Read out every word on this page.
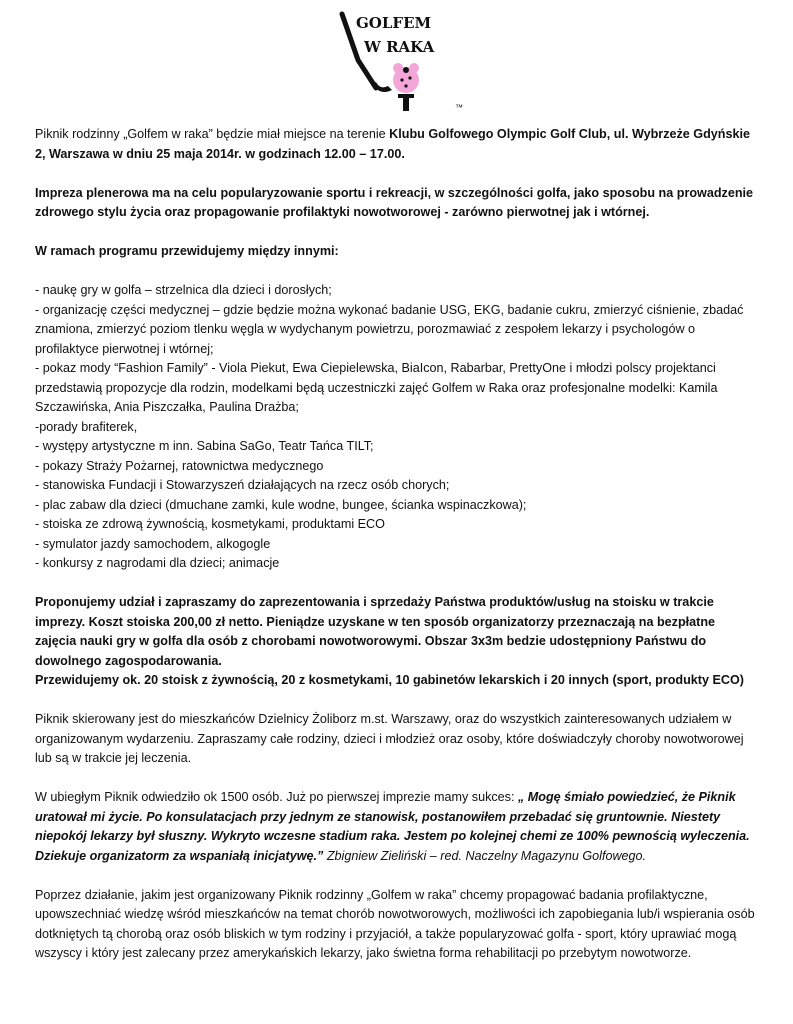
GOLFEM
W RAKA
™

Piknik rodzinny „Golfem w raka” będzie miał miejsce na terenie Klubu Golfowego Olympic Golf Club, ul. Wybrzeże Gdyńskie 2, Warszawa w dniu 25 maja 2014r. w godzinach 12.00 – 17.00.

Impreza plenerowa ma na celu popularyzowanie sportu i rekreacji, w szczególności golfa, jako sposobu na prowadzenie zdrowego stylu życia oraz propagowanie profilaktyki nowotworowej - zarówno pierwotnej jak i wtórnej.

W ramach programu przewidujemy między innymi:

- naukę gry w golfa – strzelnica dla dzieci i dorosłych;

- organizację części medycznej – gdzie będzie można wykonać badanie USG, EKG, badanie cukru, zmierzyć ciśnienie, zbadać znamiona, zmierzyć poziom tlenku węgla w wydychanym powietrzu, porozmawiać z zespołem lekarzy i psychologów o profilaktyce pierwotnej i wtórnej;

- pokaz mody “Fashion Family” - Viola Piekut, Ewa Ciepielewska, BiaIcon, Rabarbar, PrettyOne i młodzi polscy projektanci przedstawią propozycje dla rodzin, modelkami będą uczestniczki zajęć Golfem w Raka oraz profesjonalne modelki: Kamila Szczawińska, Ania Piszczałka, Paulina Drażba;

-porady brafiterek,

- występy artystyczne m inn. Sabina SaGo, Teatr Tańca TILT;

- pokazy Straży Pożarnej, ratownictwa medycznego

- stanowiska Fundacji i Stowarzyszeń działających na rzecz osób chorych;

- plac zabaw dla dzieci (dmuchane zamki, kule wodne, bungee, ścianka wspinaczkowa);

- stoiska ze zdrową żywnością, kosmetykami, produktami ECO

- symulator jazdy samochodem, alkogogle

- konkursy z nagrodami dla dzieci; animacje

Proponujemy udział i zapraszamy do zaprezentowania i sprzedaży Państwa produktów/usług na stoisku w trakcie imprezy. Koszt stoiska 200,00 zł netto. Pieniądze uzyskane w ten sposób organizatorzy przeznaczają na bezpłatne zajęcia nauki gry w golfa dla osób z chorobami nowotworowymi. Obszar 3x3m bedzie udostępniony Państwu do dowolnego zagospodarowania.

Przewidujemy ok. 20 stoisk z żywnością, 20 z kosmetykami, 10 gabinetów lekarskich i 20 innych (sport, produkty ECO)

Piknik skierowany jest do mieszkańców Dzielnicy Żoliborz m.st. Warszawy, oraz do wszystkich zainteresowanych udziałem w organizowanym wydarzeniu. Zapraszamy całe rodziny, dzieci i młodzież oraz osoby, które doświadczyły choroby nowotworowej lub są w trakcie jej leczenia.

W ubiegłym Piknik odwiedziło ok 1500 osób. Już po pierwszej imprezie mamy sukces: „ Mogę śmiało powiedzieć, że Piknik uratował mi życie. Po konsulatacjach przy jednym ze stanowisk, postanowiłem przebadać się gruntownie. Niestety niepokój lekarzy był słuszny. Wykryto wczesne stadium raka. Jestem po kolejnej chemi ze 100% pewnością wyleczenia. Dziekuje organizatorm za wspaniałą inicjatywę.” Zbigniew Zieliński – red. Naczelny Magazynu Golfowego.

Poprzez działanie, jakim jest organizowany Piknik rodzinny „Golfem w raka” chcemy propagować badania profilaktyczne, upowszechniać wiedzę wśród mieszkańców na temat chorób nowotworowych, możliwości ich zapobiegania lub/i wspierania osób dotkniętych tą chorobą oraz osób bliskich w tym rodziny i przyjaciół, a także popularyzować golfa - sport, który uprawiać mogą wszyscy i który jest zalecany przez amerykańskich lekarzy, jako świetna forma rehabilitacji po przebytym nowotworze.
